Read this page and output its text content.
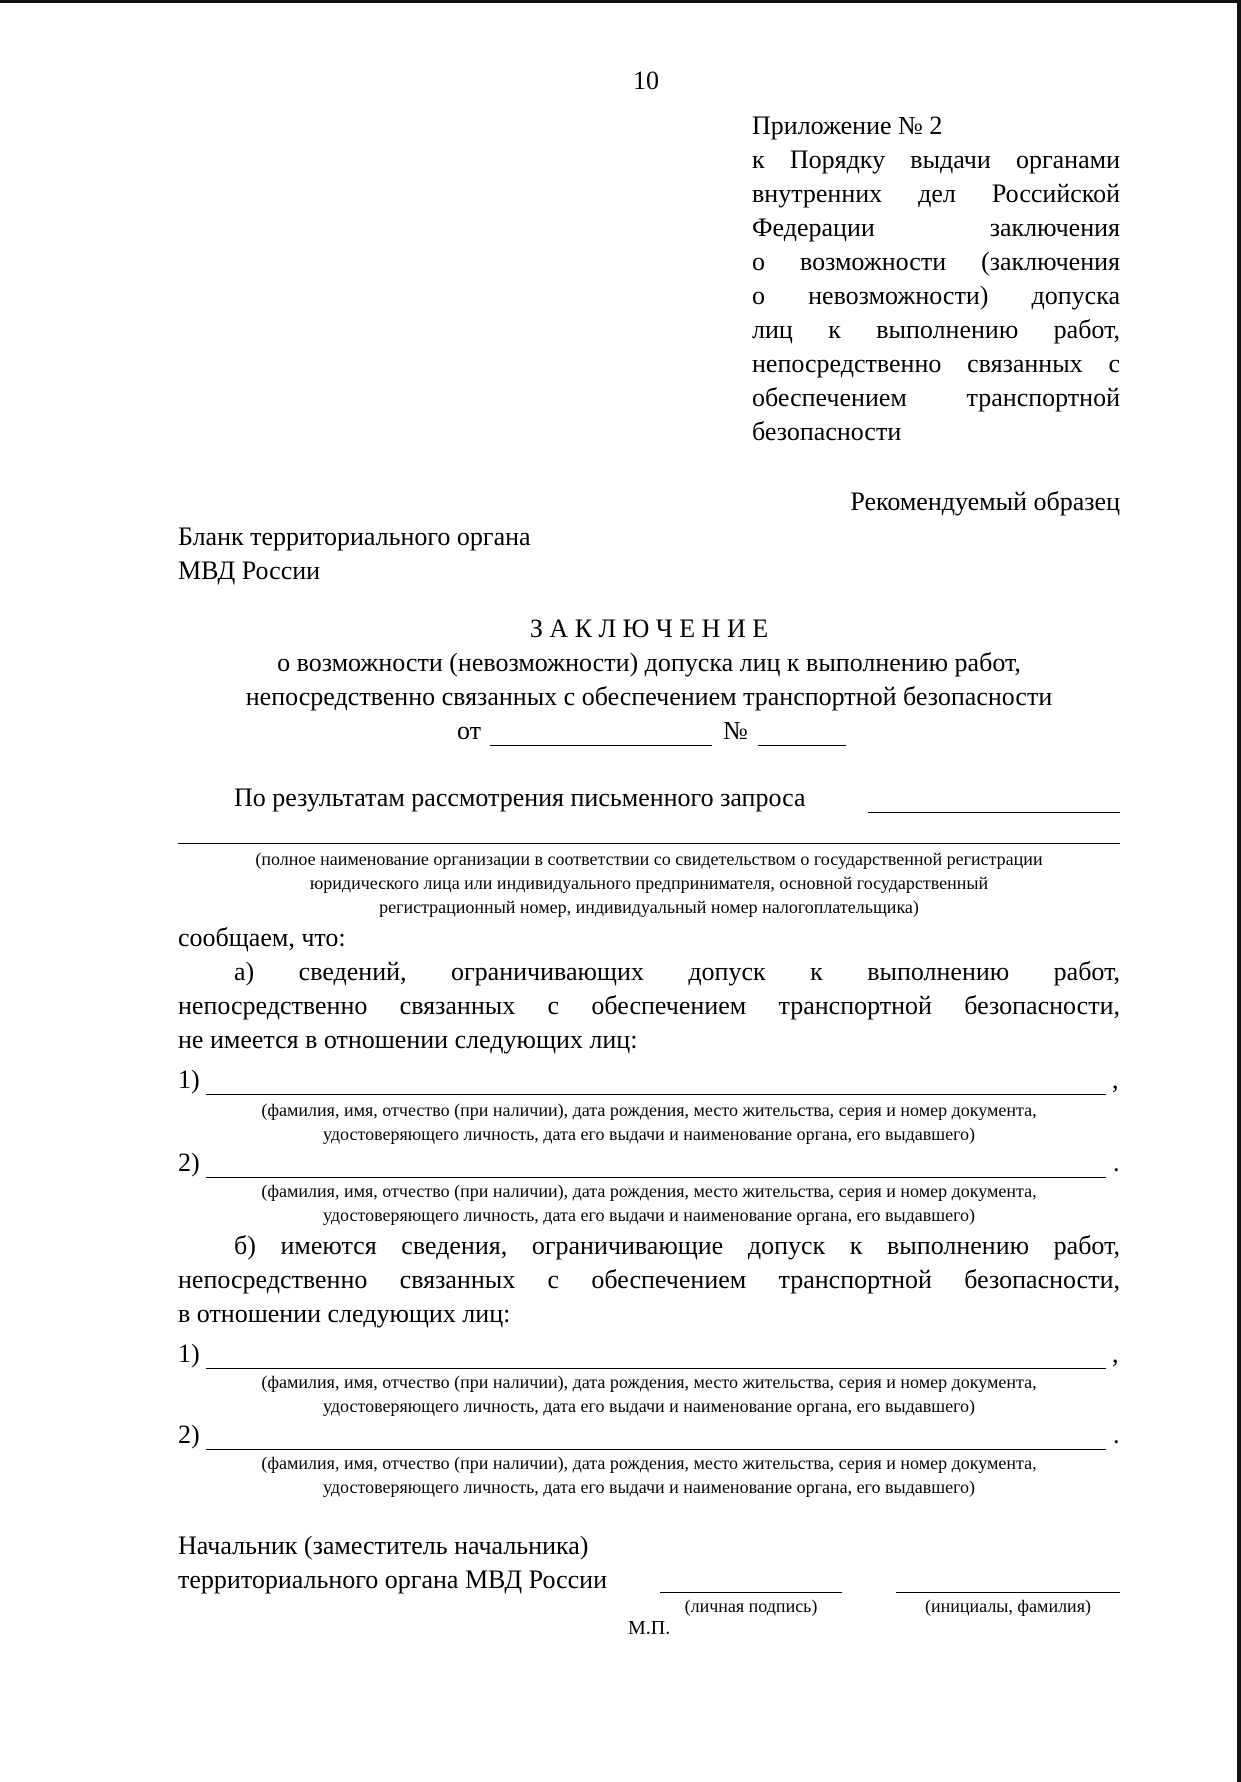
10
Приложение № 2
к Порядку выдачи органами
внутренних дел Российской
Федерации заключения
о возможности (заключения
о невозможности) допуска
лиц к выполнению работ,
непосредственно связанных с
обеспечением транспортной
безопасности
Рекомендуемый образец
Бланк территориального органа
МВД России
З А К Л Ю Ч Е Н И Е
о возможности (невозможности) допуска лиц к выполнению работ,
непосредственно связанных с обеспечением транспортной безопасности
от	№
По результатам рассмотрения письменного запроса
(полное наименование организации в соответствии со свидетельством о государственной регистрации
юридического лица или индивидуального предпринимателя, основной государственный
регистрационный номер, индивидуальный номер налогоплательщика)
сообщаем, что:
а) сведений, ограничивающих допуск к выполнению работ,
непосредственно связанных с обеспечением транспортной безопасности,
не имеется в отношении следующих лиц:
1)	,
(фамилия, имя, отчество (при наличии), дата рождения, место жительства, серия и номер документа,
удостоверяющего личность, дата его выдачи и наименование органа, его выдавшего)
2)	.
(фамилия, имя, отчество (при наличии), дата рождения, место жительства, серия и номер документа,
удостоверяющего личность, дата его выдачи и наименование органа, его выдавшего)
б) имеются сведения, ограничивающие допуск к выполнению работ,
непосредственно связанных с обеспечением транспортной безопасности,
в отношении следующих лиц:
1)	,
(фамилия, имя, отчество (при наличии), дата рождения, место жительства, серия и номер документа,
удостоверяющего личность, дата его выдачи и наименование органа, его выдавшего)
2)	.
(фамилия, имя, отчество (при наличии), дата рождения, место жительства, серия и номер документа,
удостоверяющего личность, дата его выдачи и наименование органа, его выдавшего)
Начальник (заместитель начальника)
территориального органа МВД России
(личная подпись)	(инициалы, фамилия)
М.П.
